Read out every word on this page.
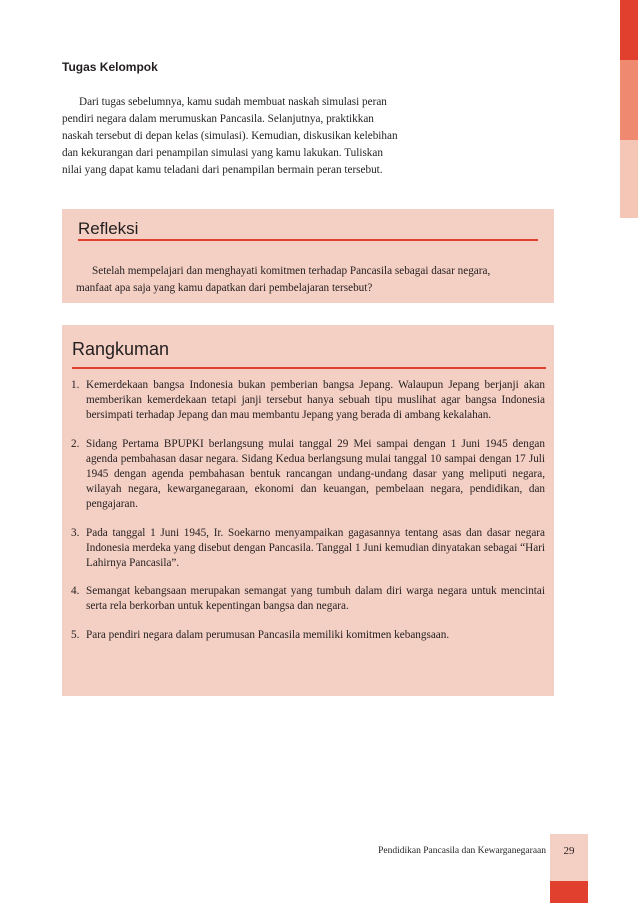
Tugas Kelompok
Dari tugas sebelumnya, kamu sudah membuat naskah simulasi peran
pendiri negara dalam merumuskan Pancasila. Selanjutnya, praktikkan
naskah tersebut di depan kelas (simulasi). Kemudian, diskusikan kelebihan
dan kekurangan dari penampilan simulasi yang kamu lakukan. Tuliskan
nilai yang dapat kamu teladani dari penampilan bermain peran tersebut.
Refleksi
Setelah mempelajari dan menghayati komitmen terhadap Pancasila sebagai dasar negara,
manfaat apa saja yang kamu dapatkan dari pembelajaran tersebut?
Rangkuman
1. Kemerdekaan bangsa Indonesia bukan pemberian bangsa Jepang. Walaupun Jepang berjanji akan memberikan kemerdekaan tetapi janji tersebut hanya sebuah tipu muslihat agar bangsa Indonesia bersimpati terhadap Jepang dan mau membantu Jepang yang berada di ambang kekalahan.
2. Sidang Pertama BPUPKI berlangsung mulai tanggal 29 Mei sampai dengan 1 Juni 1945 dengan agenda pembahasan dasar negara. Sidang Kedua berlangsung mulai tanggal 10 sampai dengan 17 Juli 1945 dengan agenda pembahasan bentuk rancangan undang-undang dasar yang meliputi negara, wilayah negara, kewarganegaraan, ekonomi dan keuangan, pembelaan negara, pendidikan, dan pengajaran.
3. Pada tanggal 1 Juni 1945, Ir. Soekarno menyampaikan gagasannya tentang asas dan dasar negara Indonesia merdeka yang disebut dengan Pancasila. Tanggal 1 Juni kemudian dinyatakan sebagai “Hari Lahirnya Pancasila”.
4. Semangat kebangsaan merupakan semangat yang tumbuh dalam diri warga negara untuk mencintai serta rela berkorban untuk kepentingan bangsa dan negara.
5. Para pendiri negara dalam perumusan Pancasila memiliki komitmen kebangsaan.
Pendidikan Pancasila dan Kewarganegaraan	29
